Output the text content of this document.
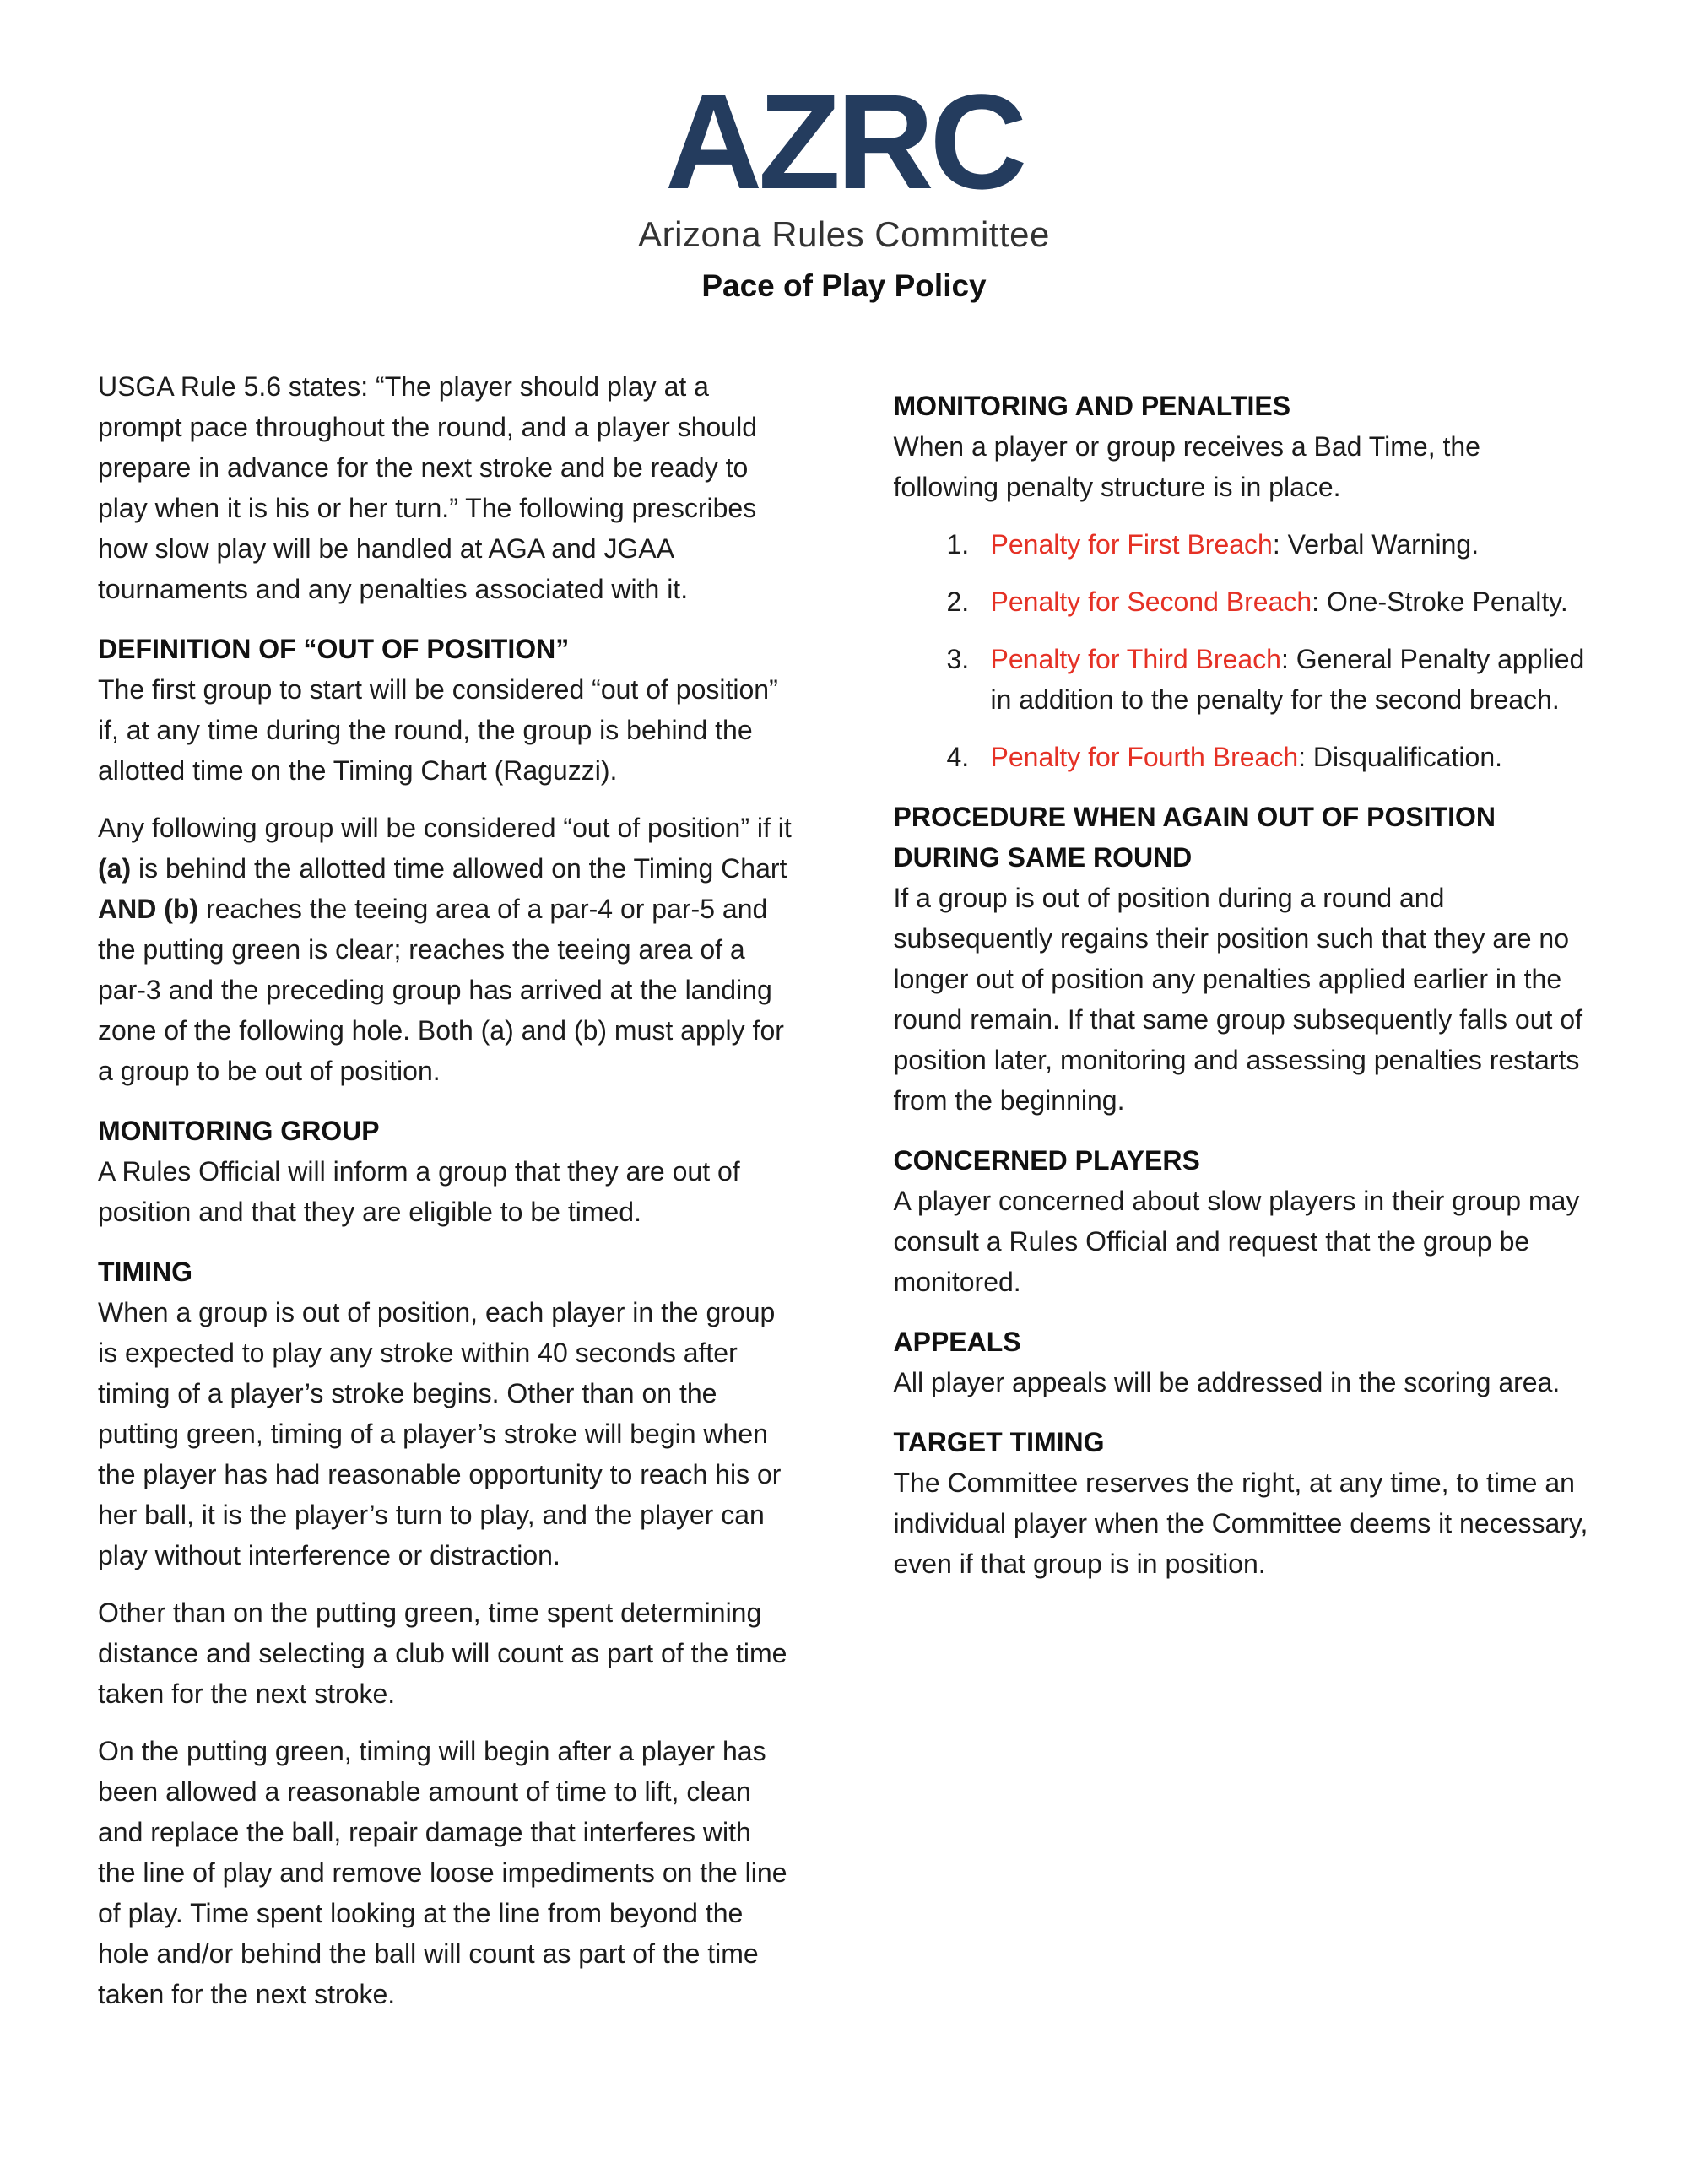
AZRC
Arizona Rules Committee
Pace of Play Policy

USGA Rule 5.6 states: “The player should play at a prompt pace throughout the round, and a player should prepare in advance for the next stroke and be ready to play when it is his or her turn.” The following prescribes how slow play will be handled at AGA and JGAA tournaments and any penalties associated with it.

DEFINITION OF “OUT OF POSITION”

The first group to start will be considered “out of position” if, at any time during the round, the group is behind the allotted time on the Timing Chart (Raguzzi).

Any following group will be considered “out of position” if it (a) is behind the allotted time allowed on the Timing Chart AND (b) reaches the teeing area of a par-4 or par-5 and the putting green is clear; reaches the teeing area of a par-3 and the preceding group has arrived at the landing zone of the following hole. Both (a) and (b) must apply for a group to be out of position.

MONITORING GROUP

A Rules Official will inform a group that they are out of position and that they are eligible to be timed.

TIMING

When a group is out of position, each player in the group is expected to play any stroke within 40 seconds after timing of a player’s stroke begins. Other than on the putting green, timing of a player’s stroke will begin when the player has had reasonable opportunity to reach his or her ball, it is the player’s turn to play, and the player can play without interference or distraction.

Other than on the putting green, time spent determining distance and selecting a club will count as part of the time taken for the next stroke.

On the putting green, timing will begin after a player has been allowed a reasonable amount of time to lift, clean and replace the ball, repair damage that interferes with the line of play and remove loose impediments on the line of play. Time spent looking at the line from beyond the hole and/or behind the ball will count as part of the time taken for the next stroke.

MONITORING AND PENALTIES

When a player or group receives a Bad Time, the following penalty structure is in place.

1. Penalty for First Breach: Verbal Warning.
2. Penalty for Second Breach: One-Stroke Penalty.
3. Penalty for Third Breach: General Penalty applied in addition to the penalty for the second breach.
4. Penalty for Fourth Breach: Disqualification.
PROCEDURE WHEN AGAIN OUT OF POSITION DURING SAME ROUND

If a group is out of position during a round and subsequently regains their position such that they are no longer out of position any penalties applied earlier in the round remain. If that same group subsequently falls out of position later, monitoring and assessing penalties restarts from the beginning.

CONCERNED PLAYERS

A player concerned about slow players in their group may consult a Rules Official and request that the group be monitored.

APPEALS

All player appeals will be addressed in the scoring area.

TARGET TIMING

The Committee reserves the right, at any time, to time an individual player when the Committee deems it necessary, even if that group is in position.
